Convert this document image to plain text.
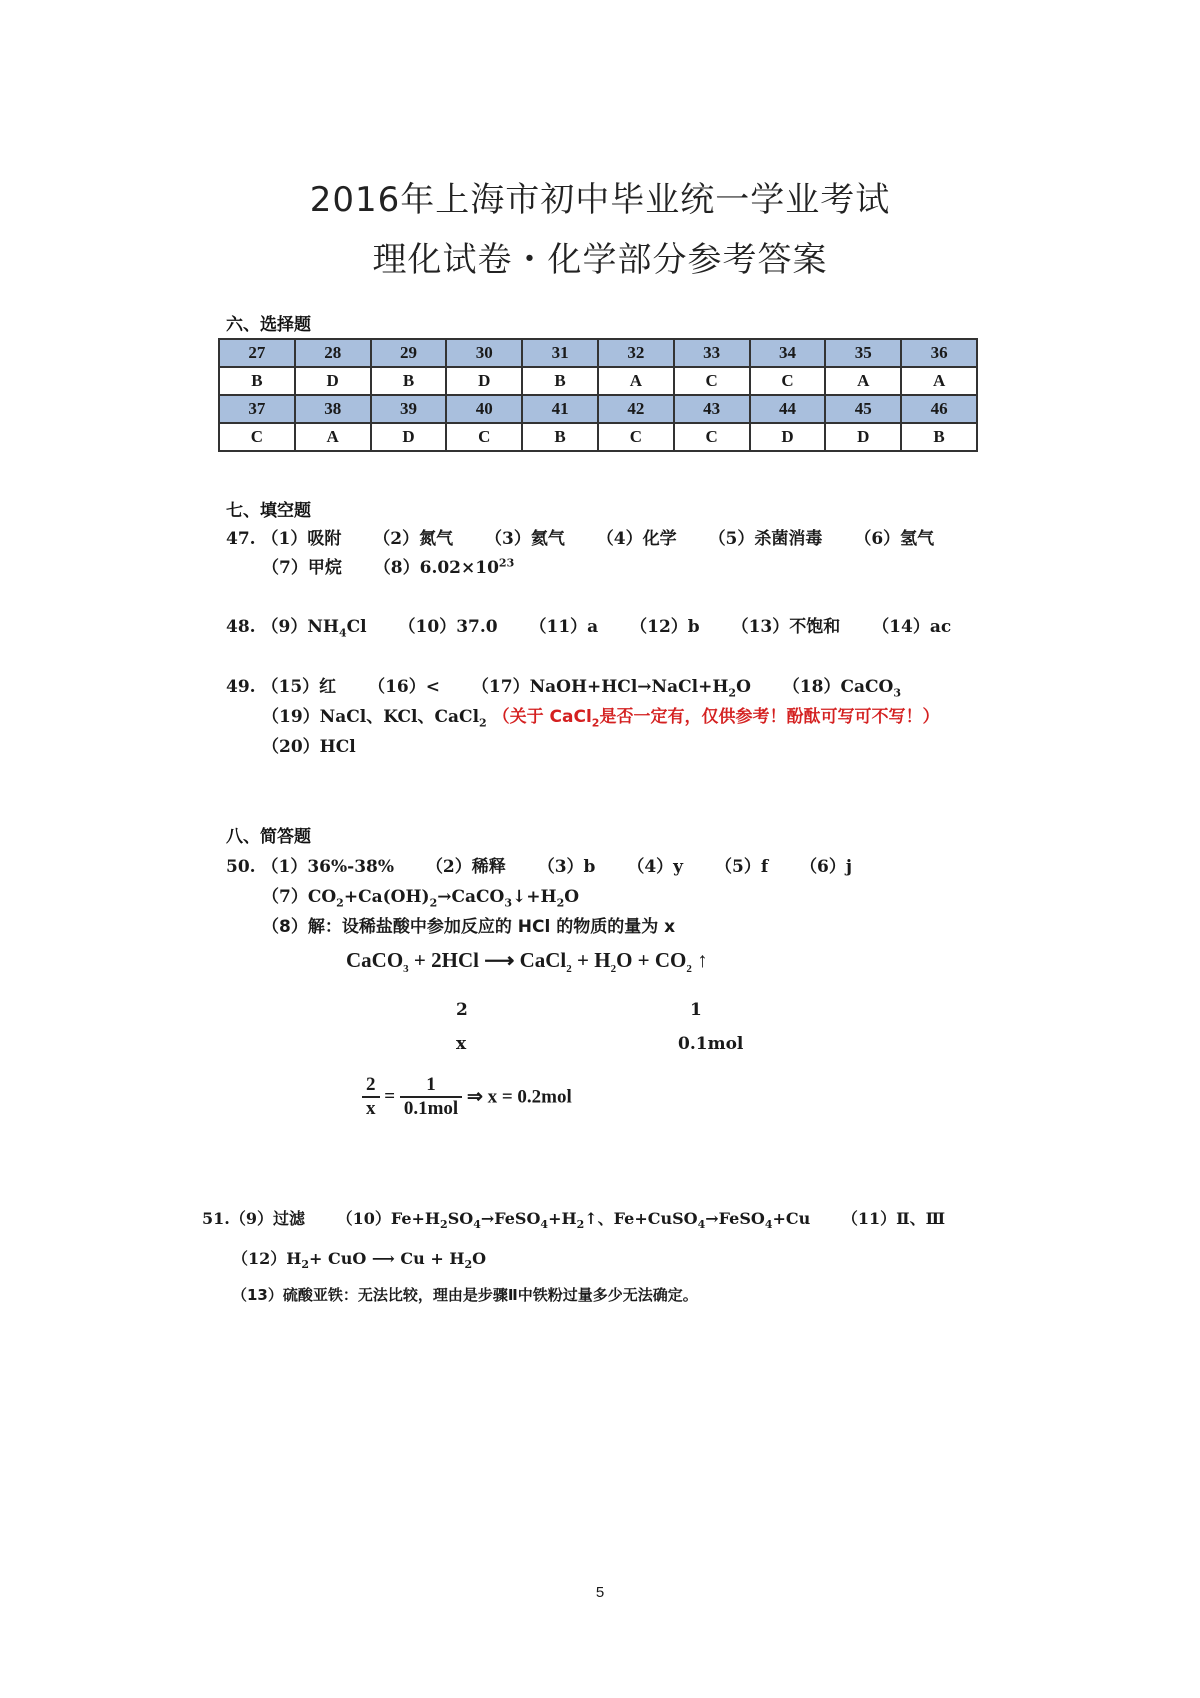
2016年上海市初中毕业统一学业考试
理化试卷・化学部分参考答案
六、选择题
27	28	29	30	31	32	33	34	35	36
B	D	B	D	B	A	C	C	A	A
37	38	39	40	41	42	43	44	45	46
C	A	D	C	B	C	C	D	D	B
七、填空题
47. （1）吸附 （2）氮气 （3）氦气 （4）化学 （5）杀菌消毒 （6）氢气
（7）甲烷 $(8)6.02\times 10^{23}$
48. $(9)NH_4Cl$ （10）37.0 （11）a （12）b （13）不饱和 （14）ac
49. （15）红 $(16)< (17)NaOH+HCl\to NaCl+H_2O$ （18）CaCO$_3$
（19）NaCl、KCl、CaCl$_2$ （关于 CaCl$_2$是否一定有，仅供参考！酚酞可写可不写！）
（20）HCl
八、简答题
50. （1）36%-38% （2）稀释 （3）b （4）y （5）f （6）j
$(7)CO_2+Ca(OH)_2\to CaCO_3↓+H_2O$
（8）解：设稀盐酸中参加反应的 HCl 的物质的量为 x
CaCO$_3$ + 2HCl ⟶ CaCl$_2$ + $H_2O + CO_2$ ↑
2	1
x	0.1mol
$\frac{2}{x} = \frac{1}{\text{0.1mol}}$ ⇒ x = 0.2mol
51.（9）过滤 $(10)Fe+H_2SO_4\to FeSO_4+H_2↑$、Fe+CuSO$_4$→FeSO$_4$+Cu （11）Ⅱ、Ⅲ
$(12)H_2+$ CuO ⟶ $Cu + H_2O$
（13）硫酸亚铁：无法比较，理由是步骤Ⅱ中铁粉过量多少无法确定。
5
